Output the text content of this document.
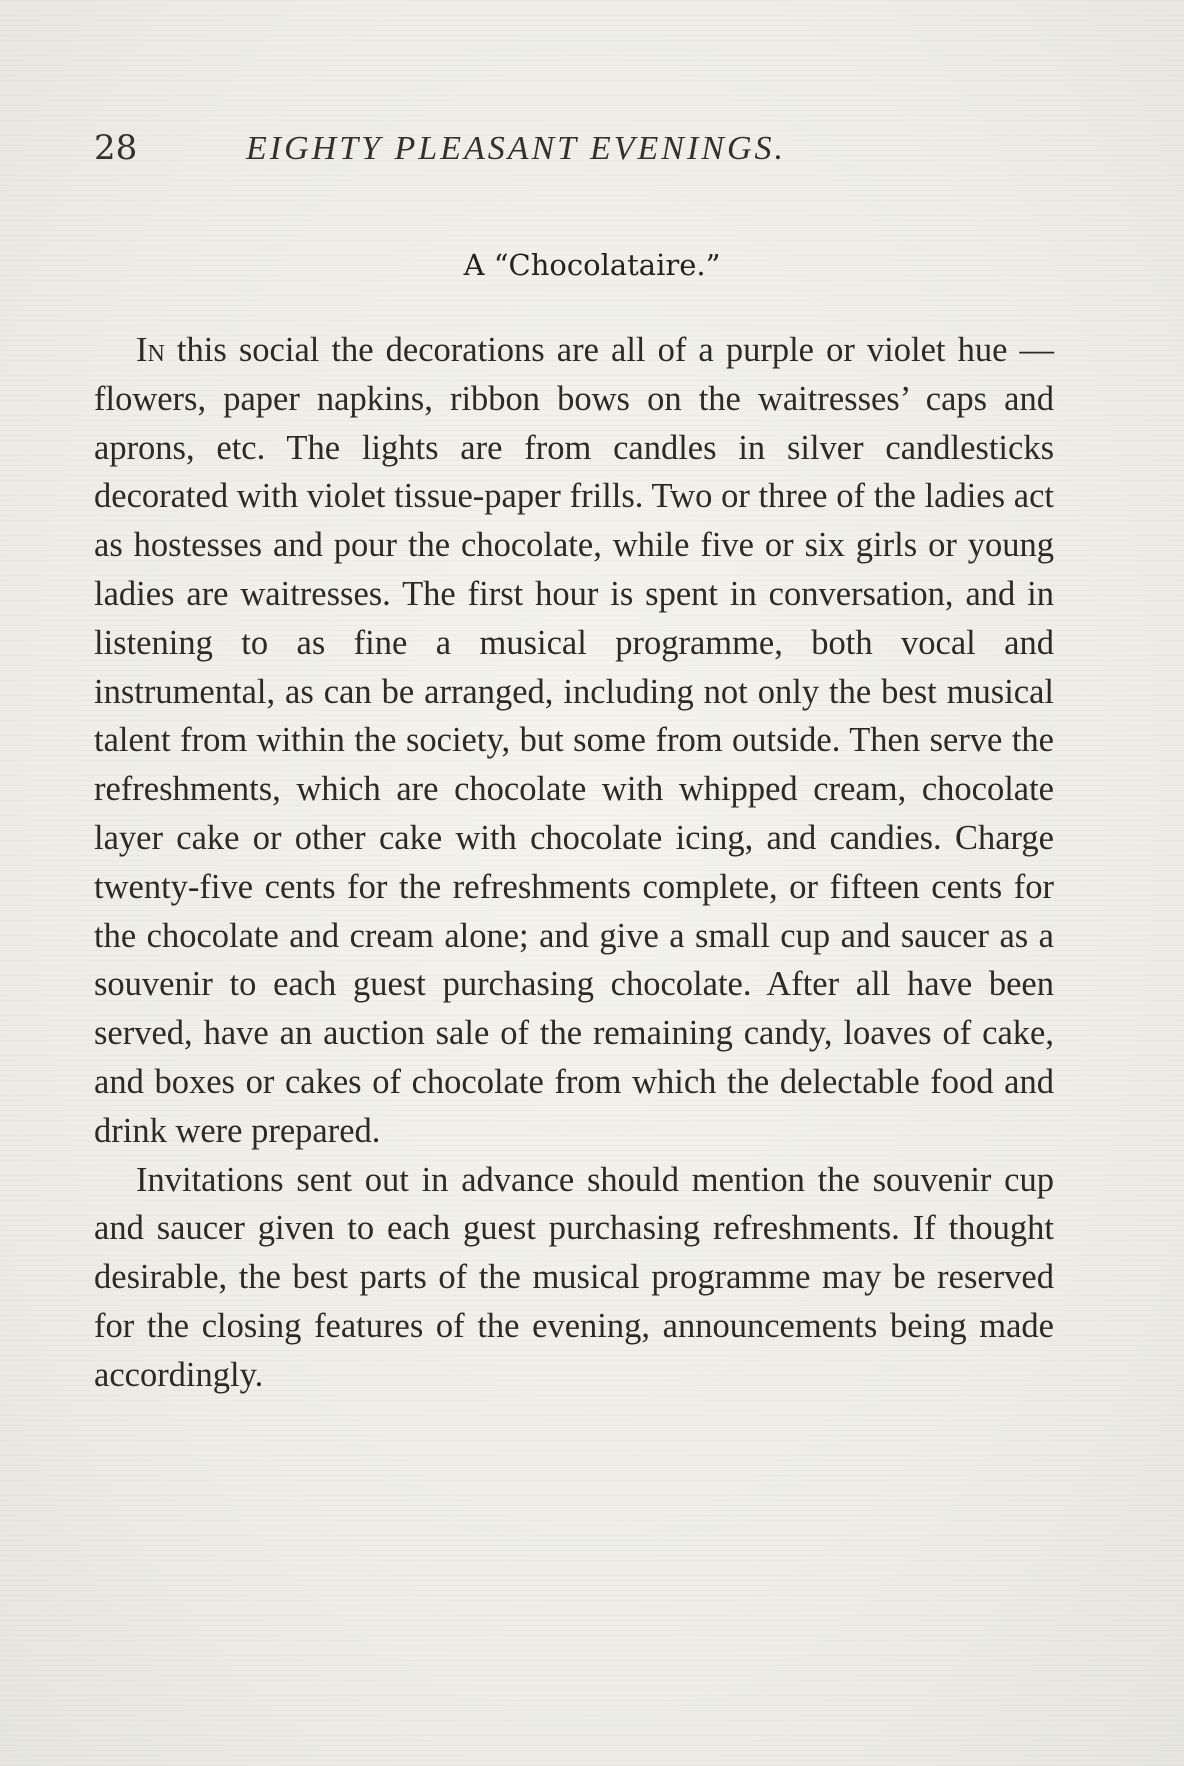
28	EIGHTY PLEASANT EVENINGS.
A “Chocolataire.”

In this social the decorations are all of a purple or violet hue — flowers, paper napkins, ribbon bows on the waitresses’ caps and aprons, etc. The lights are from candles in silver candlesticks decorated with violet tissue-paper frills. Two or three of the ladies act as hostesses and pour the chocolate, while five or six girls or young ladies are waitresses. The first hour is spent in conversation, and in listening to as fine a musical programme, both vocal and instrumental, as can be arranged, including not only the best musical talent from within the society, but some from outside. Then serve the refreshments, which are chocolate with whipped cream, chocolate layer cake or other cake with chocolate icing, and candies. Charge twenty-five cents for the refreshments complete, or fifteen cents for the chocolate and cream alone; and give a small cup and saucer as a souvenir to each guest purchasing chocolate. After all have been served, have an auction sale of the remaining candy, loaves of cake, and boxes or cakes of chocolate from which the delectable food and drink were prepared.

Invitations sent out in advance should mention the souvenir cup and saucer given to each guest purchasing refreshments. If thought desirable, the best parts of the musical programme may be reserved for the closing features of the evening, announcements being made accordingly.
